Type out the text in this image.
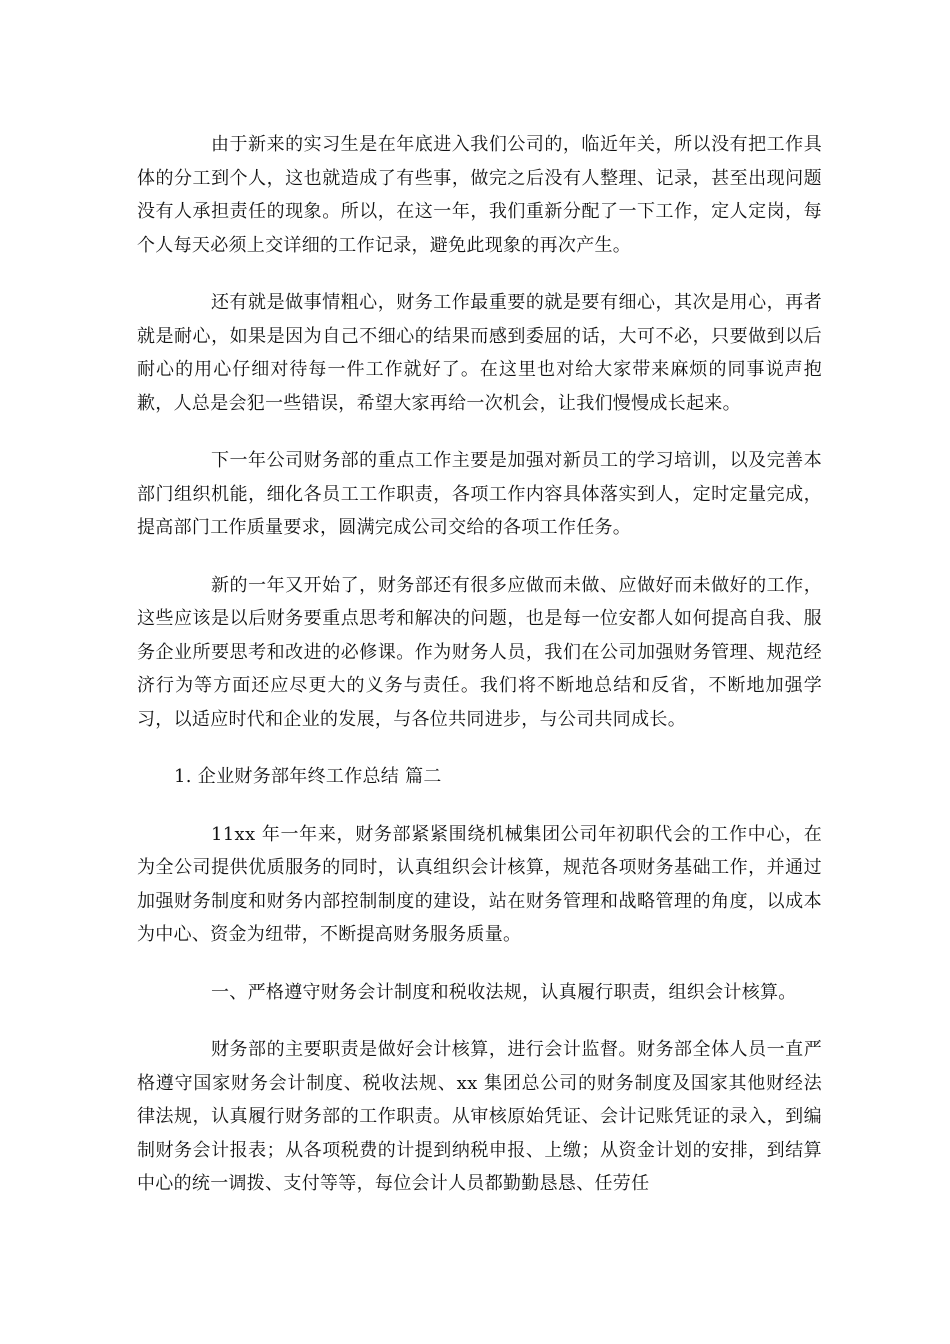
由于新来的实习生是在年底进入我们公司的，临近年关，所以没有把工作具体的分工到个人，这也就造成了有些事，做完之后没有人整理、记录，甚至出现问题没有人承担责任的现象。所以，在这一年，我们重新分配了一下工作，定人定岗，每个人每天必须上交详细的工作记录，避免此现象的再次产生。

还有就是做事情粗心，财务工作最重要的就是要有细心，其次是用心，再者就是耐心，如果是因为自己不细心的结果而感到委屈的话，大可不必，只要做到以后耐心的用心仔细对待每一件工作就好了。在这里也对给大家带来麻烦的同事说声抱歉，人总是会犯一些错误，希望大家再给一次机会，让我们慢慢成长起来。

下一年公司财务部的重点工作主要是加强对新员工的学习培训，以及完善本部门组织机能，细化各员工工作职责，各项工作内容具体落实到人，定时定量完成，提高部门工作质量要求，圆满完成公司交给的各项工作任务。

新的一年又开始了，财务部还有很多应做而未做、应做好而未做好的工作，这些应该是以后财务要重点思考和解决的问题，也是每一位安都人如何提高自我、服务企业所要思考和改进的必修课。作为财务人员，我们在公司加强财务管理、规范经济行为等方面还应尽更大的义务与责任。我们将不断地总结和反省，不断地加强学习，以适应时代和企业的发展，与各位共同进步，与公司共同成长。

1. 企业财务部年终工作总结 篇二

11xx 年一年来，财务部紧紧围绕机械集团公司年初职代会的工作中心，在为全公司提供优质服务的同时，认真组织会计核算，规范各项财务基础工作，并通过加强财务制度和财务内部控制制度的建设，站在财务管理和战略管理的角度，以成本为中心、资金为纽带，不断提高财务服务质量。

一、严格遵守财务会计制度和税收法规，认真履行职责，组织会计核算。

财务部的主要职责是做好会计核算，进行会计监督。财务部全体人员一直严格遵守国家财务会计制度、税收法规、xx 集团总公司的财务制度及国家其他财经法律法规，认真履行财务部的工作职责。从审核原始凭证、会计记账凭证的录入，到编制财务会计报表；从各项税费的计提到纳税申报、上缴；从资金计划的安排，到结算中心的统一调拨、支付等等，每位会计人员都勤勤恳恳、任劳任
